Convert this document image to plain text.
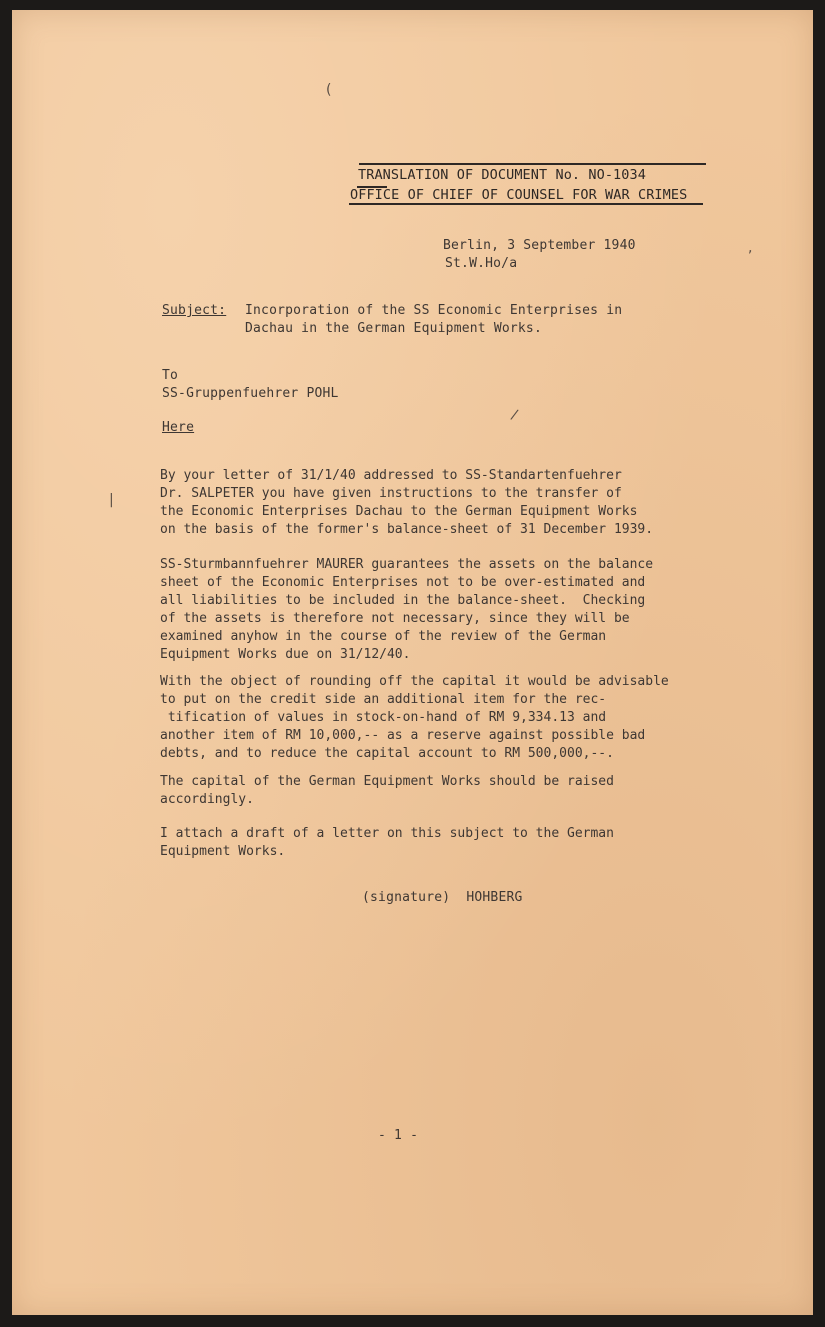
TRANSLATION OF DOCUMENT No. NO-1034
OFFICE OF CHIEF OF COUNSEL FOR WAR CRIMES
Berlin, 3 September 1940
St.W.Ho/a
Subject: Incorporation of the SS Economic Enterprises in
Dachau in the German Equipment Works.
To
SS-Gruppenfuehrer POHL
Here
By your letter of 31/1/40 addressed to SS-Standartenfuehrer
Dr. SALPETER you have given instructions to the transfer of
the Economic Enterprises Dachau to the German Equipment Works
on the basis of the former's balance-sheet of 31 December 1939.
SS-Sturmbannfuehrer MAURER guarantees the assets on the balance
sheet of the Economic Enterprises not to be over-estimated and
all liabilities to be included in the balance-sheet.  Checking
of the assets is therefore not necessary, since they will be
examined anyhow in the course of the review of the German
Equipment Works due on 31/12/40.
With the object of rounding off the capital it would be advisable
to put on the credit side an additional item for the rec-
tification of values in stock-on-hand of RM 9,334.13 and
another item of RM 10,000,-- as a reserve against possible bad
debts, and to reduce the capital account to RM 500,000,--.
The capital of the German Equipment Works should be raised
accordingly.
I attach a draft of a letter on this subject to the German
Equipment Works.
(signature)  HOHBERG
- 1 -
(
|
/
,
